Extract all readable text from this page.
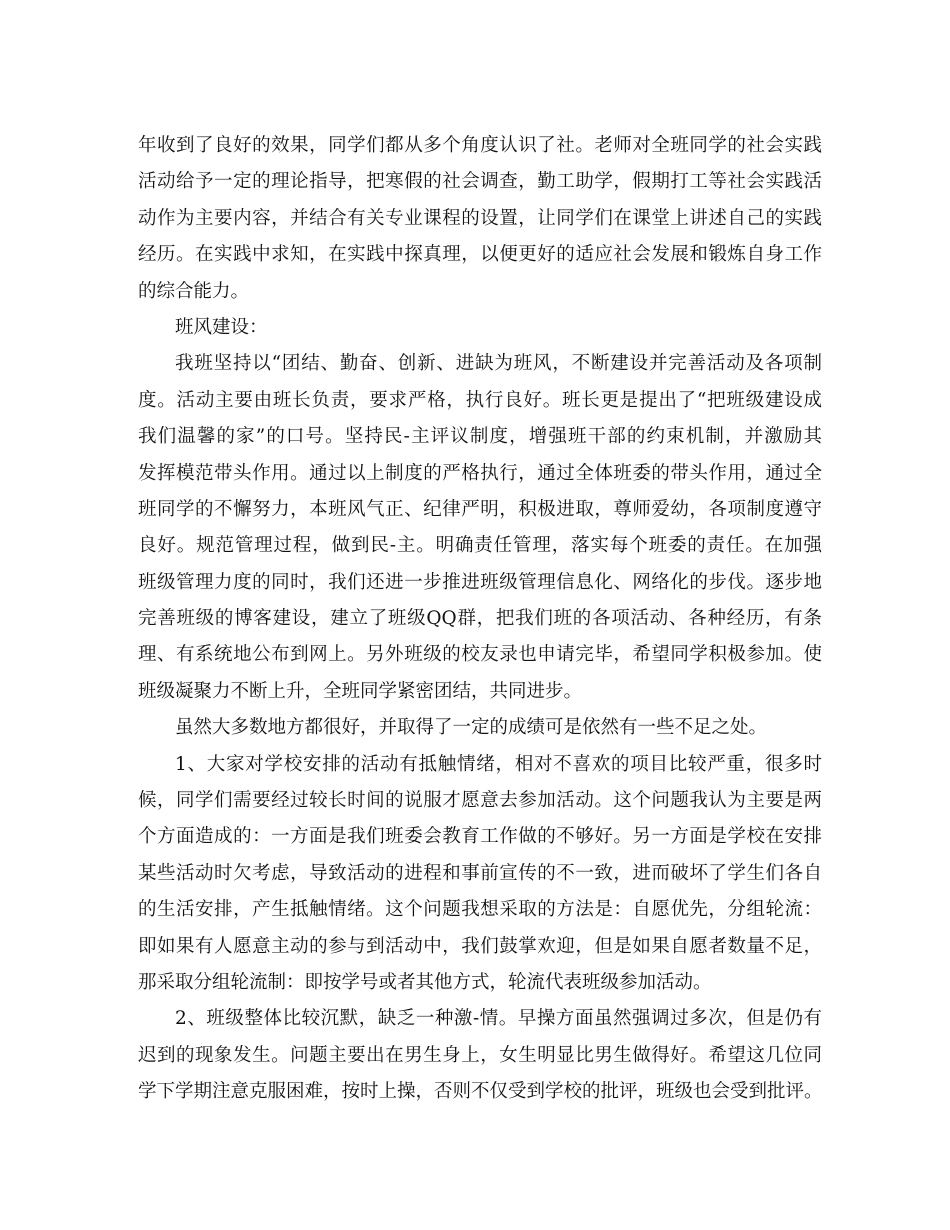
年收到了良好的效果，同学们都从多个角度认识了社。老师对全班同学的社会实践
活动给予一定的理论指导，把寒假的社会调查，勤工助学，假期打工等社会实践活
动作为主要内容，并结合有关专业课程的设置，让同学们在课堂上讲述自己的实践
经历。在实践中求知，在实践中探真理，以便更好的适应社会发展和锻炼自身工作
的综合能力。
班风建设：
我班坚持以“团结、勤奋、创新、进缺为班风，不断建设并完善活动及各项制
度。活动主要由班长负责，要求严格，执行良好。班长更是提出了“把班级建设成
我们温馨的家”的口号。坚持民-主评议制度，增强班干部的约束机制，并激励其
发挥模范带头作用。通过以上制度的严格执行，通过全体班委的带头作用，通过全
班同学的不懈努力，本班风气正、纪律严明，积极进取，尊师爱幼，各项制度遵守
良好。规范管理过程，做到民-主。明确责任管理，落实每个班委的责任。在加强
班级管理力度的同时，我们还进一步推进班级管理信息化、网络化的步伐。逐步地
完善班级的博客建设，建立了班级QQ群，把我们班的各项活动、各种经历，有条
理、有系统地公布到网上。另外班级的校友录也申请完毕，希望同学积极参加。使
班级凝聚力不断上升，全班同学紧密团结，共同进步。
虽然大多数地方都很好，并取得了一定的成绩可是依然有一些不足之处。
1、大家对学校安排的活动有抵触情绪，相对不喜欢的项目比较严重，很多时
候，同学们需要经过较长时间的说服才愿意去参加活动。这个问题我认为主要是两
个方面造成的：一方面是我们班委会教育工作做的不够好。另一方面是学校在安排
某些活动时欠考虑，导致活动的进程和事前宣传的不一致，进而破坏了学生们各自
的生活安排，产生抵触情绪。这个问题我想采取的方法是：自愿优先，分组轮流：
即如果有人愿意主动的参与到活动中，我们鼓掌欢迎，但是如果自愿者数量不足，
那采取分组轮流制：即按学号或者其他方式，轮流代表班级参加活动。
2、班级整体比较沉默，缺乏一种激-情。早操方面虽然强调过多次，但是仍有
迟到的现象发生。问题主要出在男生身上，女生明显比男生做得好。希望这几位同
学下学期注意克服困难，按时上操，否则不仅受到学校的批评，班级也会受到批评。
